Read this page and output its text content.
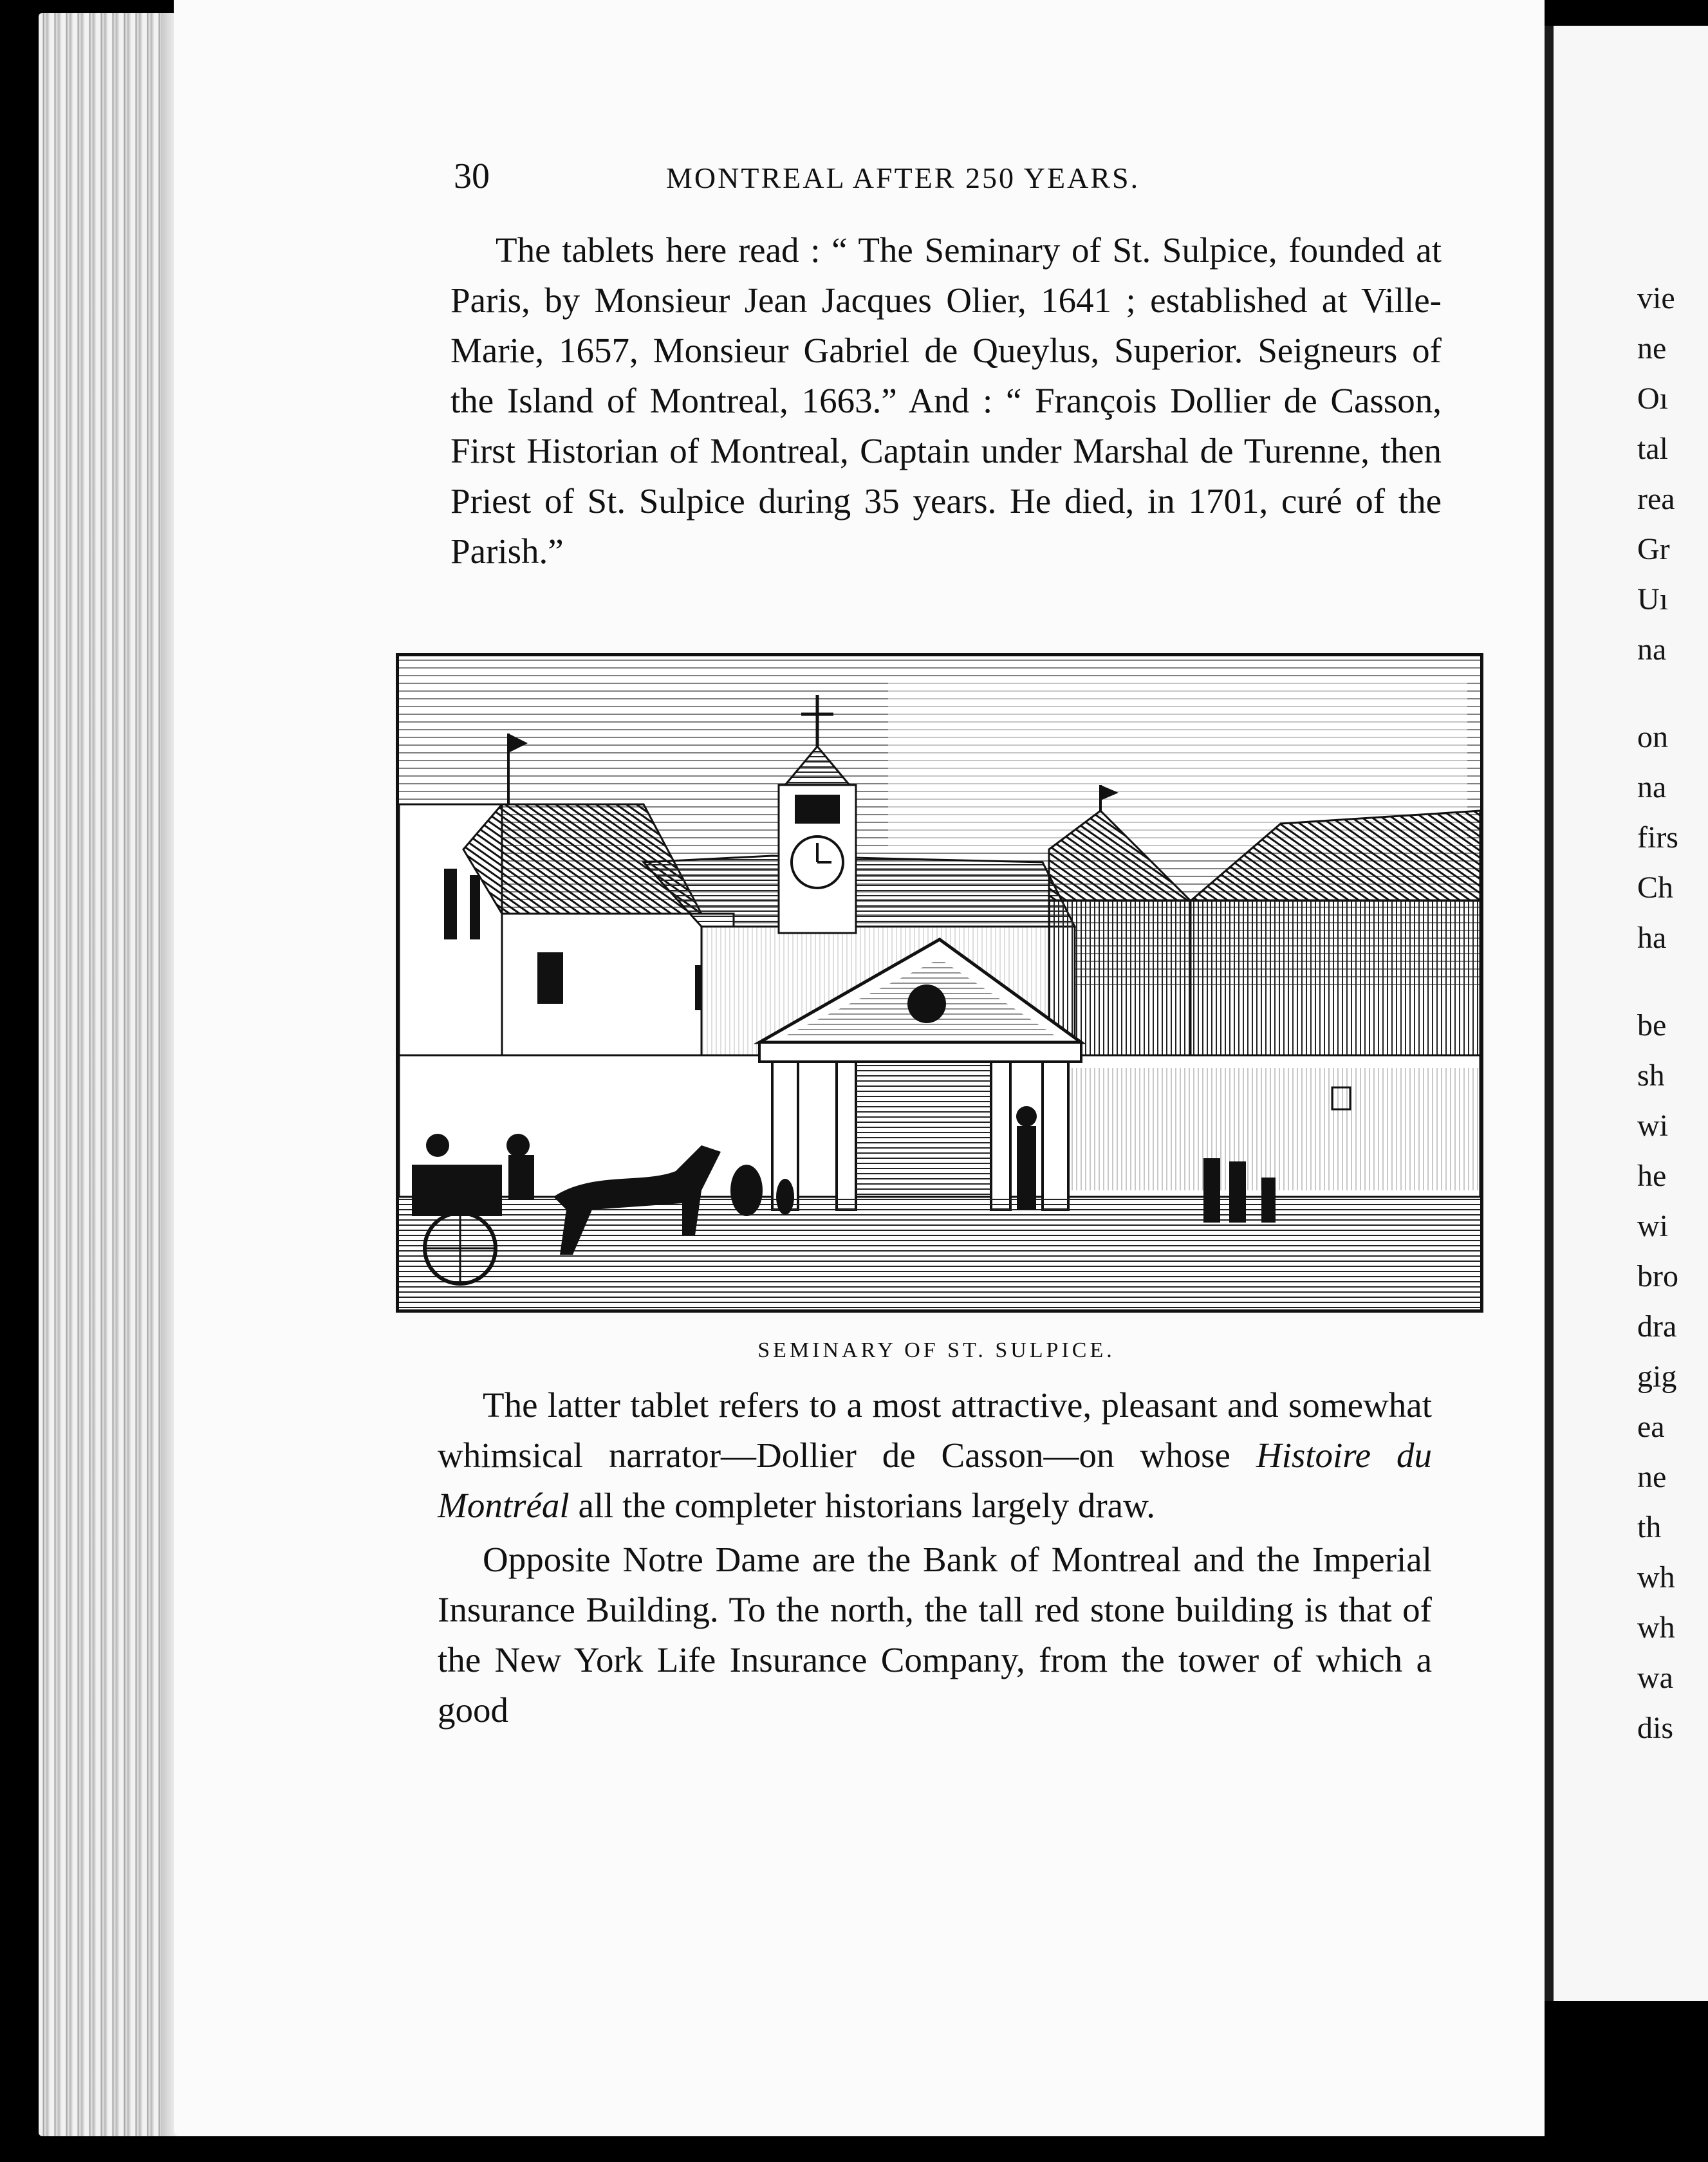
vie
ne
Oı
tal
rea
Gr
Uı
na
on
na
firs
Ch
ha
be
sh
wi
he
wi
bro
dra
gig
ea
ne
th
wh
wh
wa
dis
30	MONTREAL AFTER 250 YEARS.

The tablets here read : “ The Seminary of St. Sulpice, founded at Paris, by Monsieur Jean Jacques Olier, 1641 ; established at Ville-Marie, 1657, Monsieur Gabriel de Queylus, Superior. Seigneurs of the Island of Montreal, 1663.” And : “ François Dollier de Casson, First Historian of Montreal, Captain under Marshal de Turenne, then Priest of St. Sulpice during 35 years. He died, in 1701, curé of the Parish.”

SEMINARY OF ST. SULPICE.

The latter tablet refers to a most attractive, pleasant and somewhat whimsical narrator—Dollier de Casson—on whose Histoire du Montréal all the completer historians largely draw.

Opposite Notre Dame are the Bank of Montreal and the Imperial Insurance Building. To the north, the tall red stone building is that of the New York Life Insurance Company, from the tower of which a good
